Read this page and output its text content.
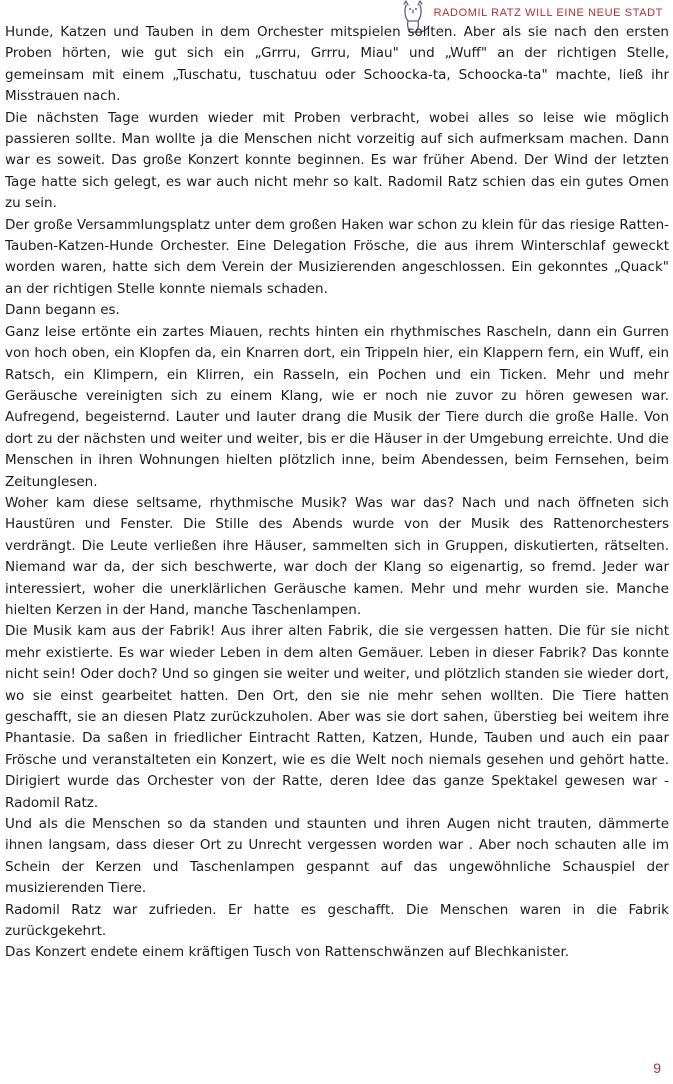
RADOMIL RATZ WILL EINE NEUE STADT

Hunde, Katzen und Tauben in dem Orchester mitspielen sollten. Aber als sie nach den ersten Proben hörten, wie gut sich ein „Grrru, Grrru, Miau" und „Wuff" an der richtigen Stelle, gemeinsam mit einem „Tuschatu, tuschatuu oder Schoocka-ta, Schoocka-ta" machte, ließ ihr Misstrauen nach.

Die nächsten Tage wurden wieder mit Proben verbracht, wobei alles so leise wie möglich passieren sollte. Man wollte ja die Menschen nicht vorzeitig auf sich aufmerksam machen. Dann war es soweit. Das große Konzert konnte beginnen. Es war früher Abend. Der Wind der letzten Tage hatte sich gelegt, es war auch nicht mehr so kalt. Radomil Ratz schien das ein gutes Omen zu sein.

Der große Versammlungsplatz unter dem großen Haken war schon zu klein für das riesige Ratten-Tauben-Katzen-Hunde Orchester. Eine Delegation Frösche, die aus ihrem Winterschlaf geweckt worden waren, hatte sich dem Verein der Musizierenden angeschlossen. Ein gekonntes „Quack" an der richtigen Stelle konnte niemals schaden.

Dann begann es.

Ganz leise ertönte ein zartes Miauen, rechts hinten ein rhythmisches Rascheln, dann ein Gurren von hoch oben, ein Klopfen da, ein Knarren dort, ein Trippeln hier, ein Klappern fern, ein Wuff, ein Ratsch, ein Klimpern, ein Klirren, ein Rasseln, ein Pochen und ein Ticken. Mehr und mehr Geräusche vereinigten sich zu einem Klang, wie er noch nie zuvor zu hören gewesen war. Aufregend, begeisternd. Lauter und lauter drang die Musik der Tiere durch die große Halle. Von dort zu der nächsten und weiter und weiter, bis er die Häuser in der Umgebung erreichte. Und die Menschen in ihren Wohnungen hielten plötzlich inne, beim Abendessen, beim Fernsehen, beim Zeitunglesen.

Woher kam diese seltsame, rhythmische Musik? Was war das? Nach und nach öffneten sich Haustüren und Fenster. Die Stille des Abends wurde von der Musik des Rattenorchesters verdrängt. Die Leute verließen ihre Häuser, sammelten sich in Gruppen, diskutierten, rätselten. Niemand war da, der sich beschwerte, war doch der Klang so eigenartig, so fremd. Jeder war interessiert, woher die unerklärlichen Geräusche kamen. Mehr und mehr wurden sie. Manche hielten Kerzen in der Hand, manche Taschenlampen.

Die Musik kam aus der Fabrik! Aus ihrer alten Fabrik, die sie vergessen hatten. Die für sie nicht mehr existierte. Es war wieder Leben in dem alten Gemäuer. Leben in dieser Fabrik? Das konnte nicht sein! Oder doch? Und so gingen sie weiter und weiter, und plötzlich standen sie wieder dort, wo sie einst gearbeitet hatten. Den Ort, den sie nie mehr sehen wollten. Die Tiere hatten geschafft, sie an diesen Platz zurückzuholen. Aber was sie dort sahen, überstieg bei weitem ihre Phantasie. Da saßen in friedlicher Eintracht Ratten, Katzen, Hunde, Tauben und auch ein paar Frösche und veranstalteten ein Konzert, wie es die Welt noch niemals gesehen und gehört hatte. Dirigiert wurde das Orchester von der Ratte, deren Idee das ganze Spektakel gewesen war - Radomil Ratz.

Und als die Menschen so da standen und staunten und ihren Augen nicht trauten, dämmerte ihnen langsam, dass dieser Ort zu Unrecht vergessen worden war . Aber noch schauten alle im Schein der Kerzen und Taschenlampen gespannt auf das ungewöhnliche Schauspiel der musizierenden Tiere.

Radomil Ratz war zufrieden. Er hatte es geschafft. Die Menschen waren in die Fabrik zurückgekehrt.

Das Konzert endete einem kräftigen Tusch von Rattenschwänzen auf Blechkanister.

9
